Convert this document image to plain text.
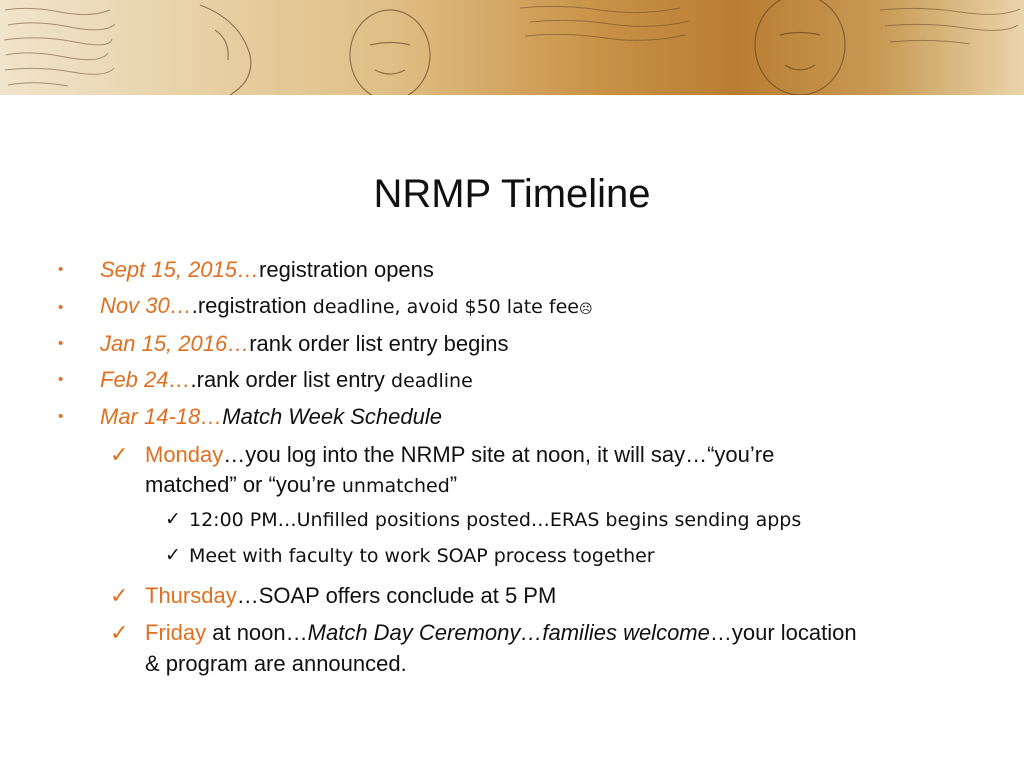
NRMP Timeline
• Sept 15, 2015…registration opens
• Nov 30….registration deadline, avoid $50 late fee☹
• Jan 15, 2016…rank order list entry begins
• Feb 24….rank order list entry deadline
• Mar 14-18…Match Week Schedule
✓ Monday…you log into the NRMP site at noon, it will say…“you’re
matched” or “you’re unmatched”
✓ 12:00 PM…Unfilled positions posted…ERAS begins sending apps
✓ Meet with faculty to work SOAP process together
✓ Thursday…SOAP offers conclude at 5 PM
✓ Friday at noon…Match Day Ceremony…families welcome…your location
& program are announced.
